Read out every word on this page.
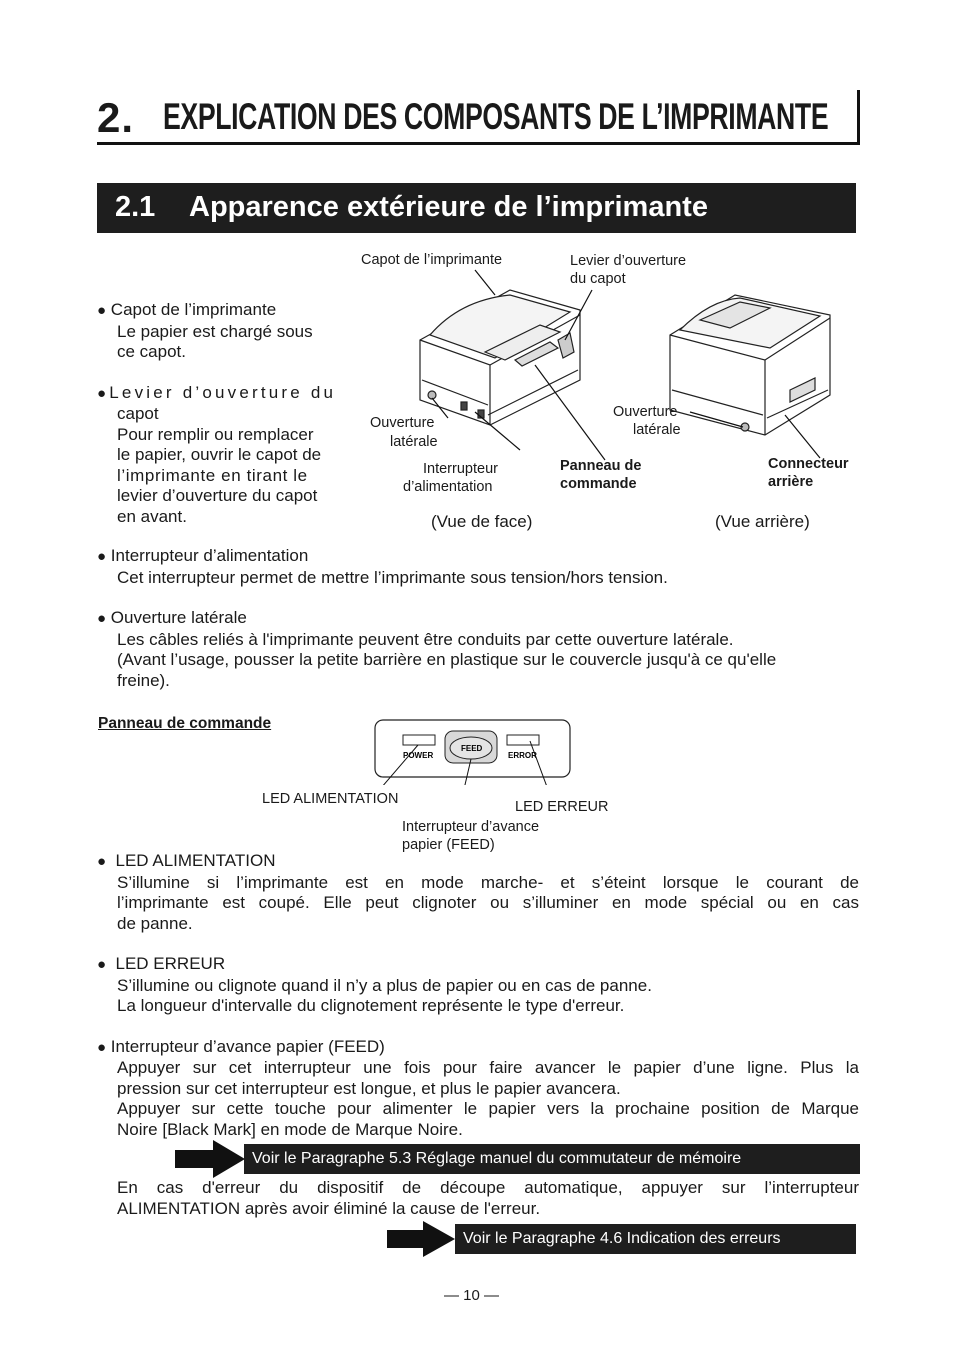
2. EXPLICATION DES COMPOSANTS DE L’IMPRIMANTE
2.1 Apparence extérieure de l’imprimante
Capot de l’imprimante	Levier d’ouverture
du capot
Ouverture
latérale
Interrupteur
d’alimentation
Panneau de
commande
Ouverture
latérale
Connecteur
arrière
(Vue de face)	(Vue arrière)
● Capot de l’imprimante
Le papier est chargé sous
ce capot.
●Levier d’ouverture du
capot
Pour remplir ou remplacer
le papier, ouvrir le capot de
l’imprimante en tirant le
levier d’ouverture du capot
en avant.
● Interrupteur d’alimentation
Cet interrupteur permet de mettre l’imprimante sous tension/hors tension.
● Ouverture latérale
Les câbles reliés à l'imprimante peuvent être conduits par cette ouverture latérale.
(Avant l’usage, pousser la petite barrière en plastique sur le couvercle jusqu'à ce qu'elle
freine).
Panneau de commande
POWER
FEED
ERROR
LED ALIMENTATION	LED ERREUR
Interrupteur d’avance
papier (FEED)
● LED ALIMENTATION
S’illumine si l’imprimante est en mode marche- et s’éteint lorsque le courant de
l’imprimante est coupé. Elle peut clignoter ou s’illuminer en mode spécial ou en cas
de panne.
● LED ERREUR
S’illumine ou clignote quand il n’y a plus de papier ou en cas de panne.
La longueur d'intervalle du clignotement représente le type d'erreur.
● Interrupteur d’avance papier (FEED)
Appuyer sur cet interrupteur une fois pour faire avancer le papier d’une ligne. Plus la
pression sur cet interrupteur est longue, et plus le papier avancera.
Appuyer sur cette touche pour alimenter le papier vers la prochaine position de Marque
Noire [Black Mark] en mode de Marque Noire.
Voir le Paragraphe 5.3 Réglage manuel du commutateur de mémoire
En cas d'erreur du dispositif de découpe automatique, appuyer sur l’interrupteur
ALIMENTATION après avoir éliminé la cause de l'erreur.
Voir le Paragraphe 4.6 Indication des erreurs
— 10 —
